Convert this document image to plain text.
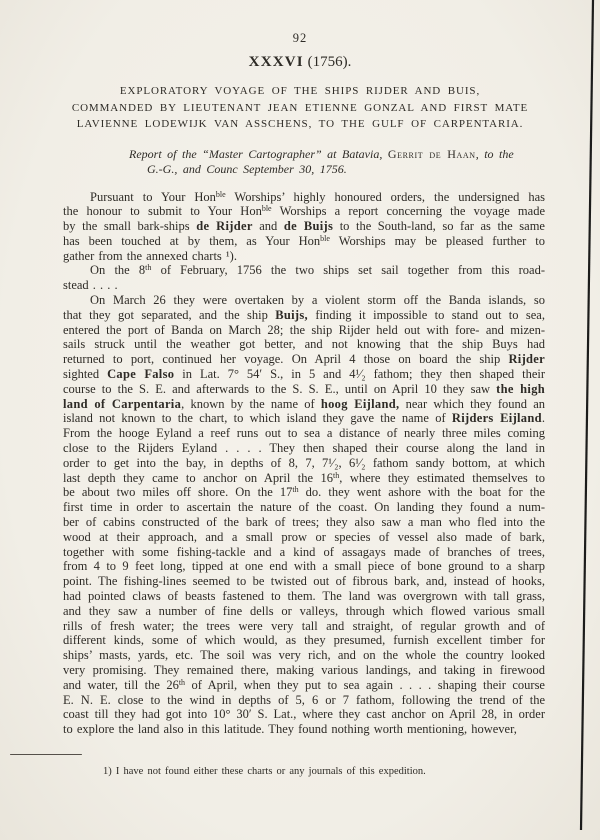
92
XXXVI (1756).
EXPLORATORY VOYAGE OF THE SHIPS RIJDER AND BUIS,
COMMANDED BY LIEUTENANT JEAN ETIENNE GONZAL AND FIRST MATE
LAVIENNE LODEWIJK VAN ASSCHENS, TO THE GULF OF CARPENTARIA.
Report of the “Master Cartographer” at Batavia, Gerrit de Haan, to the
G.-G., and Counc September 30, 1756.
Pursuant to Your Hon$^{ble}$ Worships’ highly honoured orders, the undersigned has
the honour to submit to Your Hon$^{ble}$ Worships a report concerning the voyage made
by the small bark-ships de Rijder and de Buijs to the South-land, so far as the same
has been touched at by them, as Your Hon$^{ble}$ Worships may be pleased further to
gather from the annexed charts ¹).
On the 8th of February, 1756 the two ships set sail together from this road-
stead . . . .
On March 26 they were overtaken by a violent storm off the Banda islands, so
that they got separated, and the ship Buijs, finding it impossible to stand out to sea,
entered the port of Banda on March 28; the ship Rijder held out with fore- and mizen-
sails struck until the weather got better, and not knowing that the ship Buys had
returned to port, continued her voyage. On April 4 those on board the ship Rijder
sighted Cape Falso in Lat. 7° 54′ S., in 5 and 4¹⁄₂ fathom; they then shaped their
course to the S. E. and afterwards to the S. S. E., until on April 10 they saw the high
land of Carpentaria, known by the name of hoog Eijland, near which they found an
island not known to the chart, to which island they gave the name of Rijders Eijland.
From the hooge Eyland a reef runs out to sea a distance of nearly three miles coming
close to the Rijders Eyland . . . . They then shaped their course along the land in
order to get into the bay, in depths of 8, 7, 7¹⁄₂, 6¹⁄₂ fathom sandy bottom, at which
last depth they came to anchor on April the 16th, where they estimated themselves to
be about two miles off shore. On the 17th do. they went ashore with the boat for the
first time in order to ascertain the nature of the coast. On landing they found a num-
ber of cabins constructed of the bark of trees; they also saw a man who fled into the
wood at their approach, and a small prow or species of vessel also made of bark,
together with some fishing-tackle and a kind of assagays made of branches of trees,
from 4 to 9 feet long, tipped at one end with a small piece of bone ground to a sharp
point. The fishing-lines seemed to be twisted out of fibrous bark, and, instead of hooks,
had pointed claws of beasts fastened to them. The land was overgrown with tall grass,
and they saw a number of fine dells or valleys, through which flowed various small
rills of fresh water; the trees were very tall and straight, of regular growth and of
different kinds, some of which would, as they presumed, furnish excellent timber for
ships’ masts, yards, etc. The soil was very rich, and on the whole the country looked
very promising. They remained there, making various landings, and taking in firewood
and water, till the 26th of April, when they put to sea again . . . . shaping their course
E. N. E. close to the wind in depths of 5, 6 or 7 fathom, following the trend of the
coast till they had got into 10° 30′ S. Lat., where they cast anchor on April 28, in order
to explore the land also in this latitude. They found nothing worth mentioning, however,
1) I have not found either these charts or any journals of this expedition.
